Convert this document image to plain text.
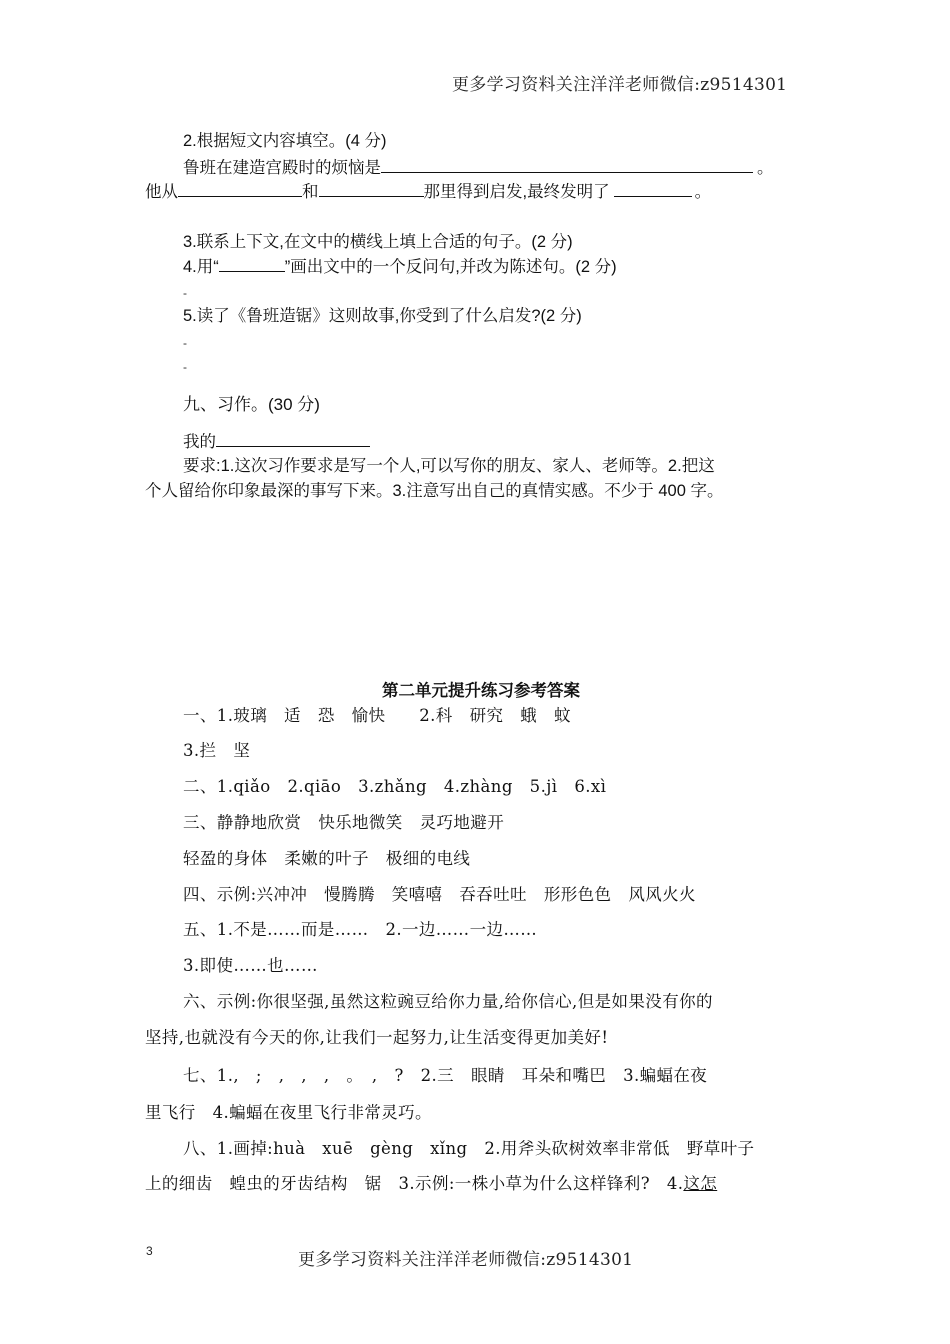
更多学习资料关注洋洋老师微信:z9514301
2.根据短文内容填空。(4 分)
鲁班在建造宫殿时的烦恼是	。
他从	和	那里得到启发,最终发明了	。
3.联系上下文,在文中的横线上填上合适的句子。(2 分)
4.用“	”画出文中的一个反问句,并改为陈述句。(2 分)
-
5.读了《鲁班造锯》这则故事,你受到了什么启发?(2 分)
-
-
九、习作。(30 分)
我的
要求:1.这次习作要求是写一个人,可以写你的朋友、家人、老师等。2.把这
个人留给你印象最深的事写下来。3.注意写出自己的真情实感。不少于 400 字。
第二单元提升练习参考答案
一、1.玻璃　适　恐　愉快　　2.科　研究　蛾　蚊
3.拦　坚
二、1.qiǎo　2.qiāo　3.zhǎng　4.zhàng　5.jì　6.xì
三、静静地欣赏　快乐地微笑　灵巧地避开
轻盈的身体　柔嫩的叶子　极细的电线
四、示例:兴冲冲　慢腾腾　笑嘻嘻　吞吞吐吐　形形色色　风风火火
五、1.不是……而是……　2.一边……一边……
3.即使……也……
六、示例:你很坚强,虽然这粒豌豆给你力量,给你信心,但是如果没有你的
坚持,也就没有今天的你,让我们一起努力,让生活变得更加美好!
七、1.,　;　,　,　,　。　,　?　2.三　眼睛　耳朵和嘴巴　3.蝙蝠在夜
里飞行　4.蝙蝠在夜里飞行非常灵巧。
八、1.画掉:huà　xuē　gèng　xǐng　2.用斧头砍树效率非常低　野草叶子
上的细齿　蝗虫的牙齿结构　锯　3.示例:一株小草为什么这样锋利?　4.这怎
3	更多学习资料关注洋洋老师微信:z9514301
